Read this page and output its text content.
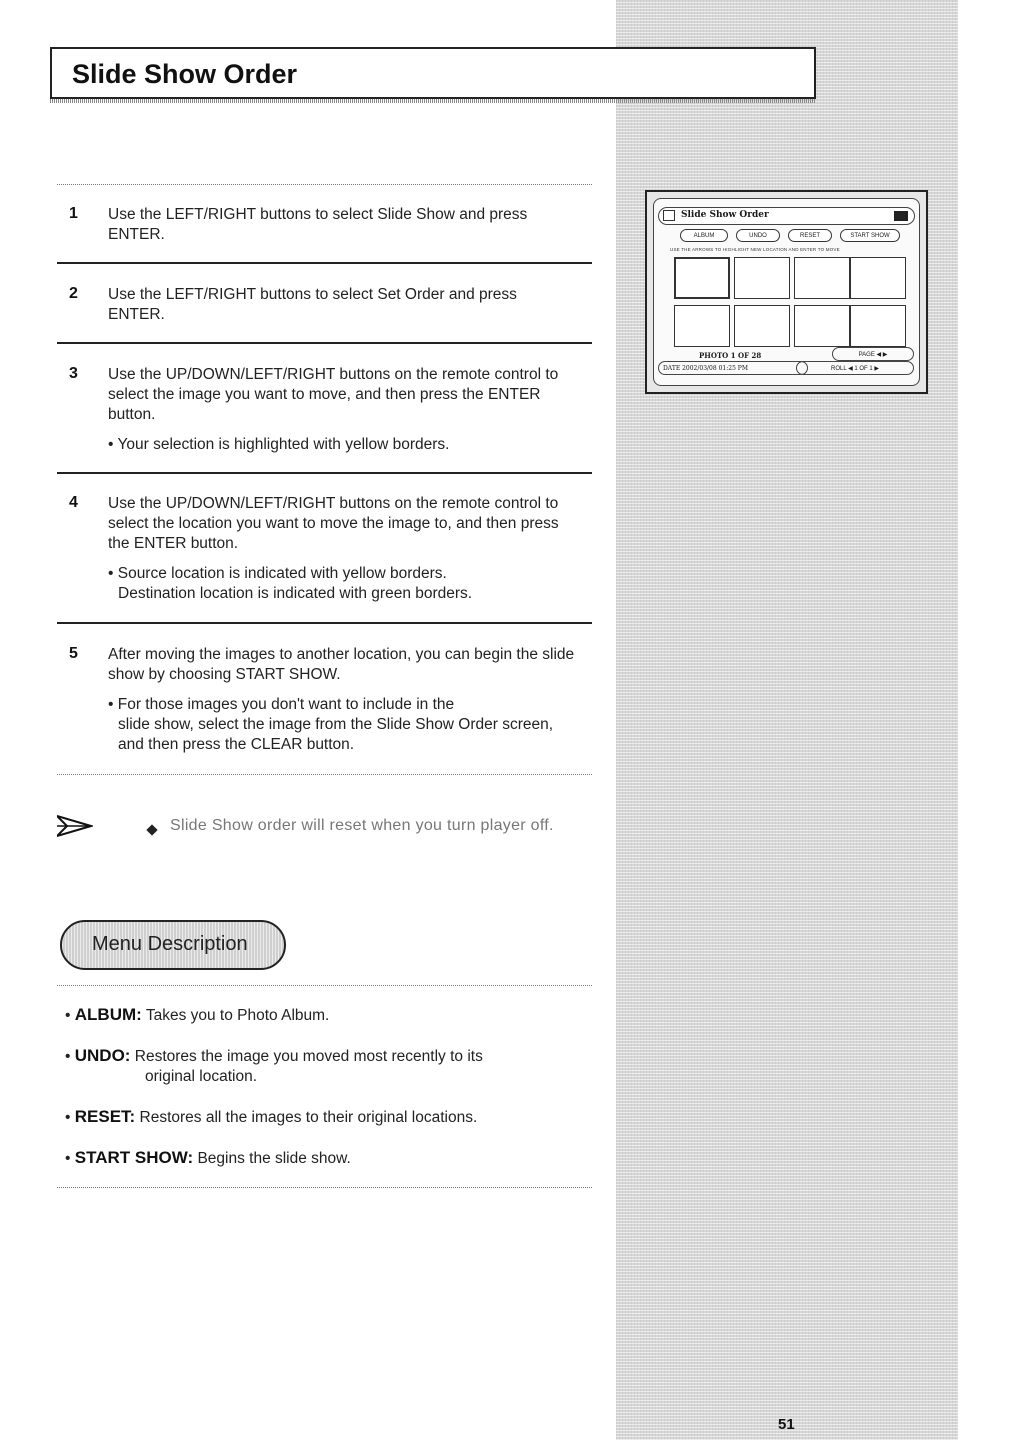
Slide Show Order
1 Use the LEFT/RIGHT buttons to select Slide Show and press ENTER.
2 Use the LEFT/RIGHT buttons to select Set Order and press ENTER.
3 Use the UP/DOWN/LEFT/RIGHT buttons on the remote control to select the image you want to move, and then press the ENTER button.
• Your selection is highlighted with yellow borders.
4 Use the UP/DOWN/LEFT/RIGHT buttons on the remote control to select the location you want to move the image to, and then press the ENTER button.
• Source location is indicated with yellow borders.
Destination location is indicated with green borders.
5 After moving the images to another location, you can begin the slide show by choosing START SHOW.
• For those images you don't want to include in the
slide show, select the image from the Slide Show Order screen, and then press the CLEAR button.
Slide Show order will reset when you turn player off.
Menu Description
• ALBUM: Takes you to Photo Album.
• UNDO: Restores the image you moved most recently to its
original location.
• RESET: Restores all the images to their original locations.
• START SHOW: Begins the slide show.
Slide Show Order
ALBUM	UNDO	RESET	START SHOW
USE THE ARROWS TO HIGHLIGHT NEW LOCATION AND ENTER TO MOVE
PHOTO 1 OF 28	PAGE ◀ ▶
DATE 2002/03/08 01:25 PM	ROLL ◀ 1 OF 1 ▶
51
